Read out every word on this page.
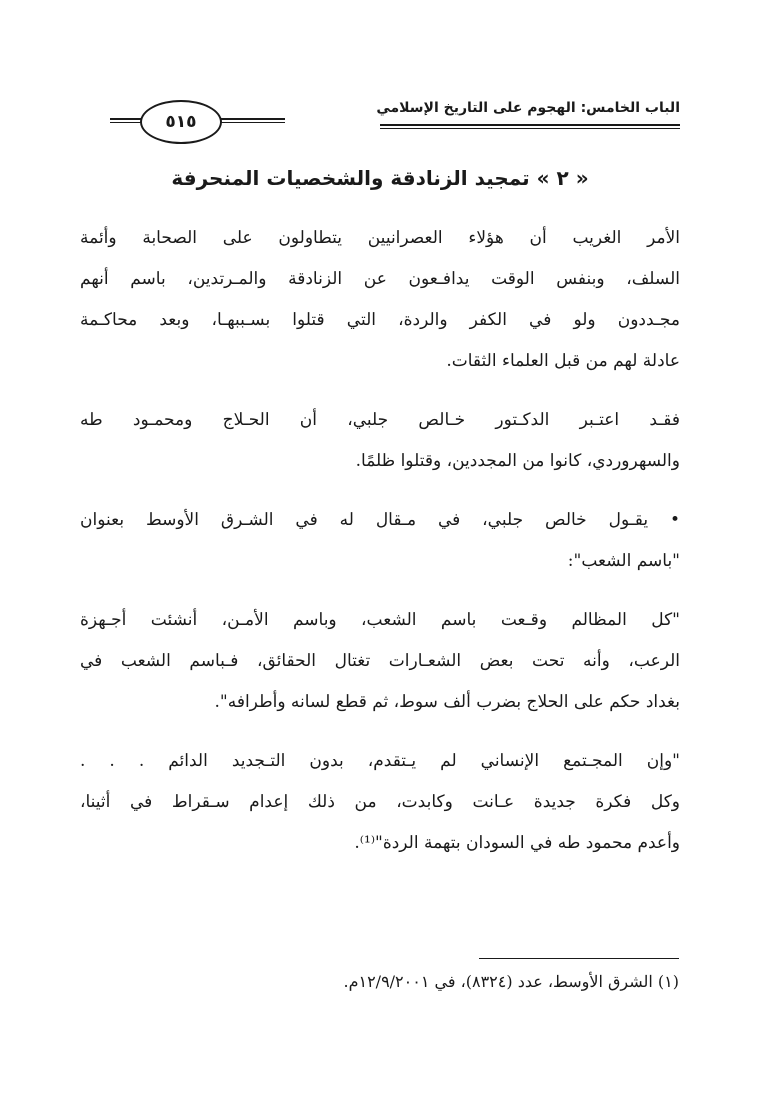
الباب الخامس: الهجوم على التاريخ الإسلامي
٥١٥
« ٢ » تمجيد الزنادقة والشخصيات المنحرفة

الأمر الغريب أن هؤلاء العصرانيين يتطاولون على الصحابة وأئمة
السلف، وبنفس الوقت يدافـعون عن الزنادقة والمـرتدين، باسم أنهم
مجـددون ولو في الكفر والردة، التي قتلوا بسـببهـا، وبعد محاكـمة
عادلة لهم من قبل العلماء الثقات.

فقـد اعتـبر الدكـتور خـالص جلبي، أن الحـلاج ومحمـود طه
والسهروردي، كانوا من المجددين، وقتلوا ظلمًا.

• يقـول خالص جلبي، في مـقال له في الشـرق الأوسط بعنوان
"باسم الشعب":

"كل المظالم وقـعت باسم الشعب، وباسم الأمـن، أنشئت أجـهزة
الرعب، وأنه تحت بعض الشعـارات تغتال الحقائق، فـباسم الشعب في
بغداد حكم على الحلاج بضرب ألف سوط، ثم قطع لسانه وأطرافه".

"وإن المجـتمع الإنساني لم يـتقدم، بدون التـجديد الدائم . . .
وكل فكرة جديدة عـانت وكابدت، من ذلك إعدام سـقراط في أثينا،
وأعدم محمود طه في السودان بتهمة الردة"⁽¹⁾.

(١) الشرق الأوسط، عدد (٨٣٢٤)، في ١٢/٩/٢٠٠١م.
